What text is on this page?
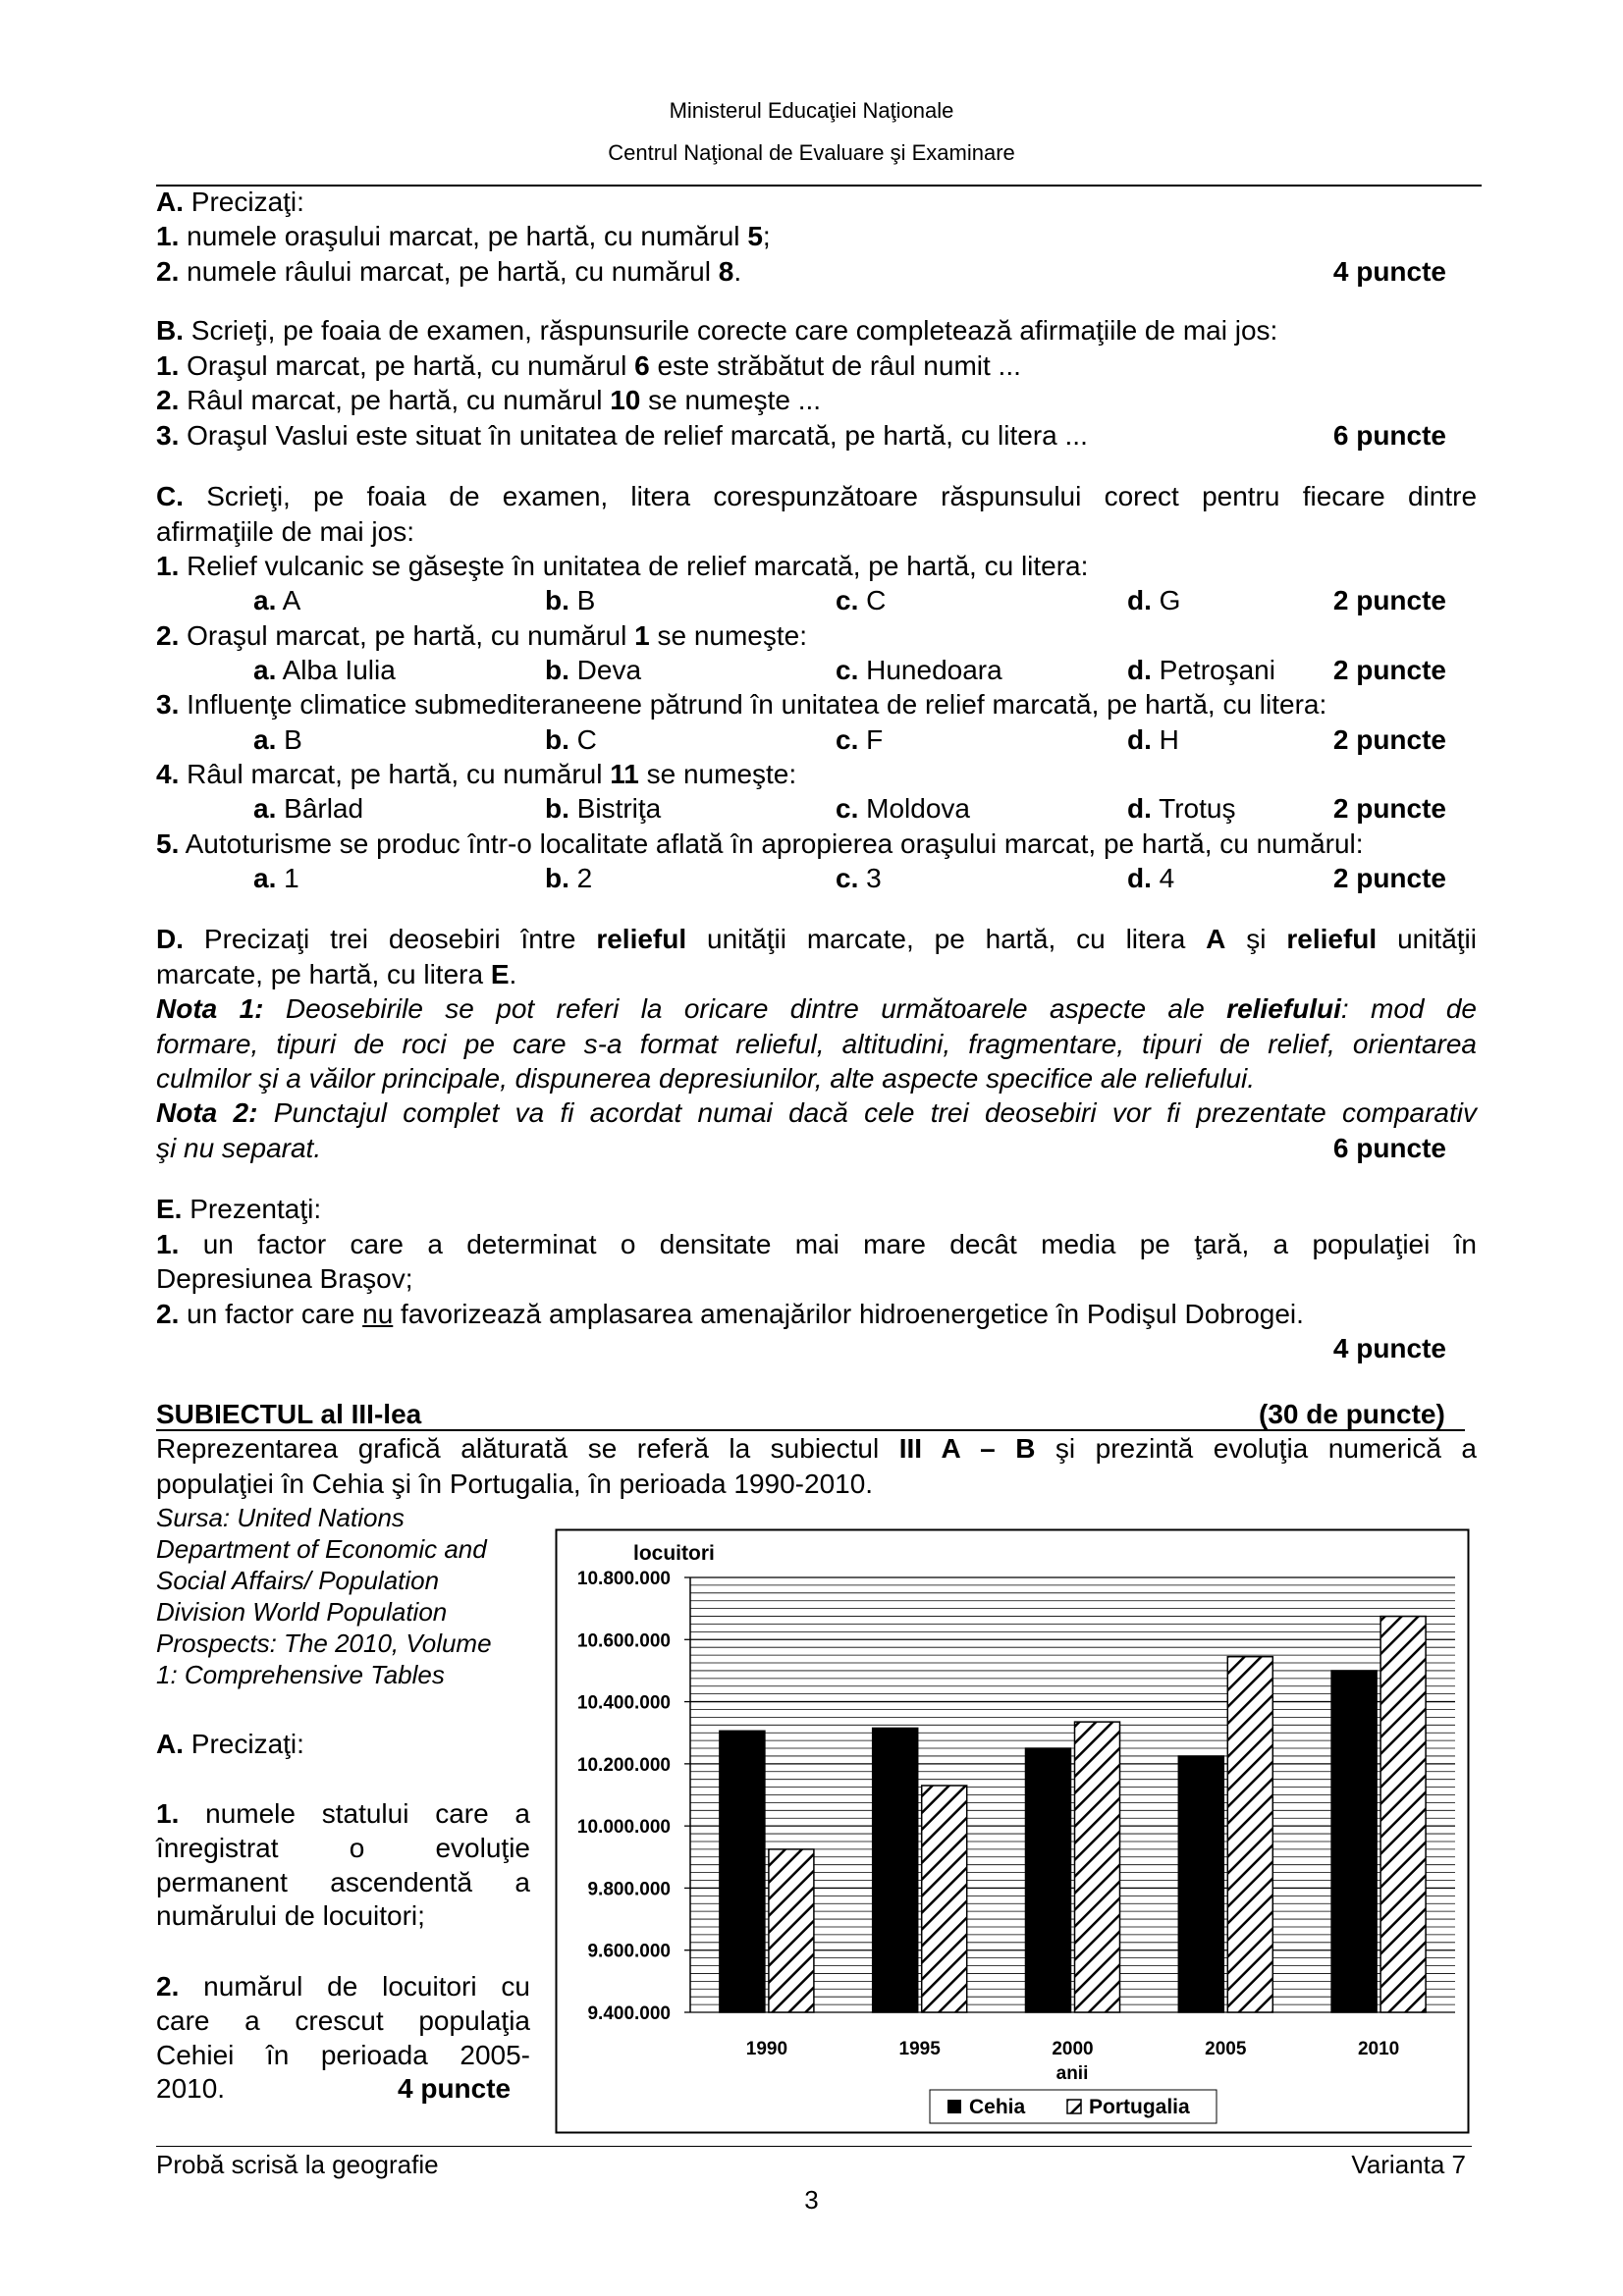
Ministerul Educaţiei Naţionale
Centrul Naţional de Evaluare şi Examinare
A. Precizaţi:
1. numele oraşului marcat, pe hartă, cu numărul 5;
2. numele râului marcat, pe hartă, cu numărul 8.	4 puncte
B. Scrieţi, pe foaia de examen, răspunsurile corecte care completează afirmaţiile de mai jos:
1. Oraşul marcat, pe hartă, cu numărul 6 este străbătut de râul numit ...
2. Râul marcat, pe hartă, cu numărul 10 se numeşte ...
3. Oraşul Vaslui este situat în unitatea de relief marcată, pe hartă, cu litera ...	6 puncte
C. Scrieţi, pe foaia de examen, litera corespunzătoare răspunsului corect pentru fiecare dintre
afirmaţiile de mai jos:
1. Relief vulcanic se găseşte în unitatea de relief marcată, pe hartă, cu litera:
a. A	b. B	c. C	d. G	2 puncte
2. Oraşul marcat, pe hartă, cu numărul 1 se numeşte:
a. Alba Iulia	b. Deva	c. Hunedoara	d. Petroşani 2 puncte
3. Influenţe climatice submediteraneene pătrund în unitatea de relief marcată, pe hartă, cu litera:
a. B	b. C	c. F	d. H	2 puncte
4. Râul marcat, pe hartă, cu numărul 11 se numeşte:
a. Bârlad	b. Bistriţa	c. Moldova	d. Trotuş	2 puncte
5. Autoturisme se produc într-o localitate aflată în apropierea oraşului marcat, pe hartă, cu numărul:
a. 1	b. 2	c. 3	d. 4	2 puncte
D. Precizaţi trei deosebiri între relieful unităţii marcate, pe hartă, cu litera A şi relieful unităţii
marcate, pe hartă, cu litera E.
Nota 1: Deosebirile se pot referi la oricare dintre următoarele aspecte ale reliefului: mod de
formare, tipuri de roci pe care s-a format relieful, altitudini, fragmentare, tipuri de relief, orientarea
culmilor şi a văilor principale, dispunerea depresiunilor, alte aspecte specifice ale reliefului.
Nota 2: Punctajul complet va fi acordat numai dacă cele trei deosebiri vor fi prezentate comparativ
şi nu separat.	6 puncte
E. Prezentaţi:
1. un factor care a determinat o densitate mai mare decât media pe ţară, a populaţiei în
Depresiunea Braşov;
2. un factor care nu favorizează amplasarea amenajărilor hidroenergetice în Podişul Dobrogei.
4 puncte
SUBIECTUL al III-lea	(30 de puncte)
Reprezentarea grafică alăturată se referă la subiectul III A – B şi prezintă evoluţia numerică a
populaţiei în Cehia şi în Portugalia, în perioada 1990-2010.
Sursa: United Nations
Department of Economic and
Social Affairs/ Population
Division World Population
Prospects: The 2010, Volume
1: Comprehensive Tables
A. Precizaţi:
1. numele statului care a
înregistrat o evoluţie
permanent ascendentă a
numărului de locuitori;
2. numărul de locuitori cu
care a crescut populaţia
Cehiei în perioada 2005-
2010.	4 puncte
locuitori
9.400.000
9.600.000
9.800.000
10.000.000
10.200.000
10.400.000
10.600.000
10.800.000
1990	1995	2000	2005	2010
anii
Cehia	Portugalia
Probă scrisă la geografie	Varianta 7
3
